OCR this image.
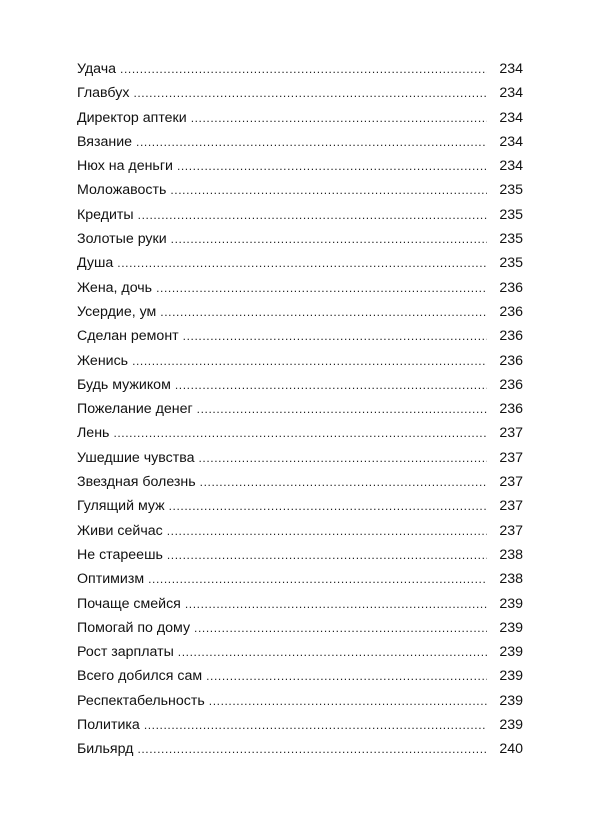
Удача .....	234
Главбух .....	234
Директор аптеки .....	234
Вязание .....	234
Нюх на деньги .....	234
Моложавость .....	235
Кредиты .....	235
Золотые руки .....	235
Душа .....	235
Жена, дочь .....	236
Усердие, ум .....	236
Сделан ремонт .....	236
Женись .....	236
Будь мужиком .....	236
Пожелание денег .....	236
Лень .....	237
Ушедшие чувства .....	237
Звездная болезнь .....	237
Гулящий муж .....	237
Живи сейчас .....	237
Не стареешь .....	238
Оптимизм .....	238
Почаще смейся .....	239
Помогай по дому .....	239
Рост зарплаты .....	239
Всего добился сам .....	239
Респектабельность .....	239
Политика .....	239
Бильярд .....	240
